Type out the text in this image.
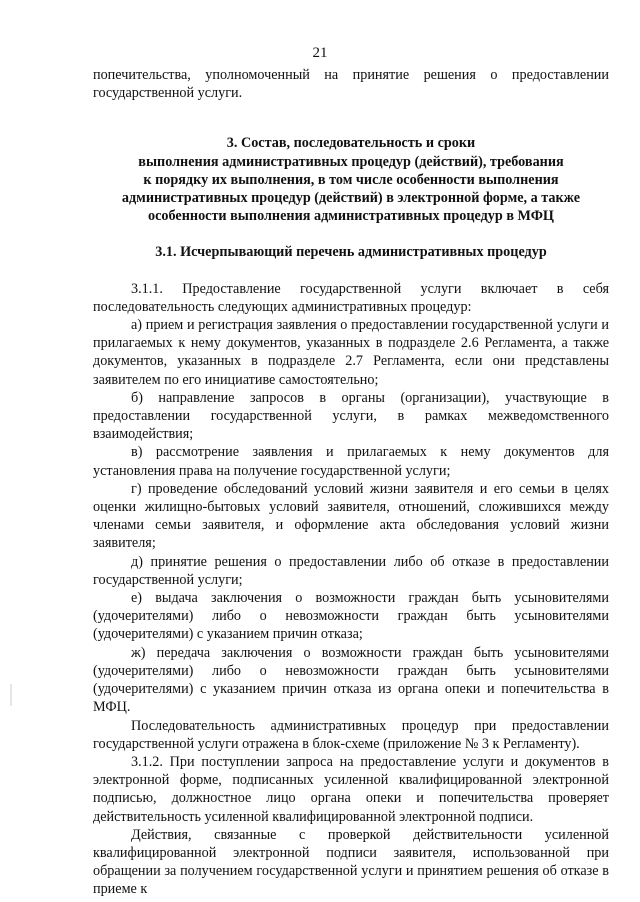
21

попечительства, уполномоченный на принятие решения о предоставлении государственной услуги.

3. Состав, последовательность и сроки
выполнения административных процедур (действий), требования
к порядку их выполнения, в том числе особенности выполнения
административных процедур (действий) в электронной форме, а также
особенности выполнения административных процедур в МФЦ
3.1. Исчерпывающий перечень административных процедур

3.1.1. Предоставление государственной услуги включает в себя последовательность следующих административных процедур:

а) прием и регистрация заявления о предоставлении государственной услуги и прилагаемых к нему документов, указанных в подразделе 2.6 Регламента, а также документов, указанных в подразделе 2.7 Регламента, если они представлены заявителем по его инициативе самостоятельно;

б) направление запросов в органы (организации), участвующие в предоставлении государственной услуги, в рамках межведомственного взаимодействия;

в) рассмотрение заявления и прилагаемых к нему документов для установления права на получение государственной услуги;

г) проведение обследований условий жизни заявителя и его семьи в целях оценки жилищно-бытовых условий заявителя, отношений, сложившихся между членами семьи заявителя, и оформление акта обследования условий жизни заявителя;

д) принятие решения о предоставлении либо об отказе в предоставлении государственной услуги;

е) выдача заключения о возможности граждан быть усыновителями (удочерителями) либо о невозможности граждан быть усыновителями (удочерителями) с указанием причин отказа;

ж) передача заключения о возможности граждан быть усыновителями (удочерителями) либо о невозможности граждан быть усыновителями (удочерителями) с указанием причин отказа из органа опеки и попечительства в МФЦ.

Последовательность административных процедур при предоставлении государственной услуги отражена в блок-схеме (приложение № 3 к Регламенту).

3.1.2. При поступлении запроса на предоставление услуги и документов в электронной форме, подписанных усиленной квалифицированной электронной подписью, должностное лицо органа опеки и попечительства проверяет действительность усиленной квалифицированной электронной подписи.

Действия, связанные с проверкой действительности усиленной квалифицированной электронной подписи заявителя, использованной при обращении за получением государственной услуги и принятием решения об отказе в приеме к
